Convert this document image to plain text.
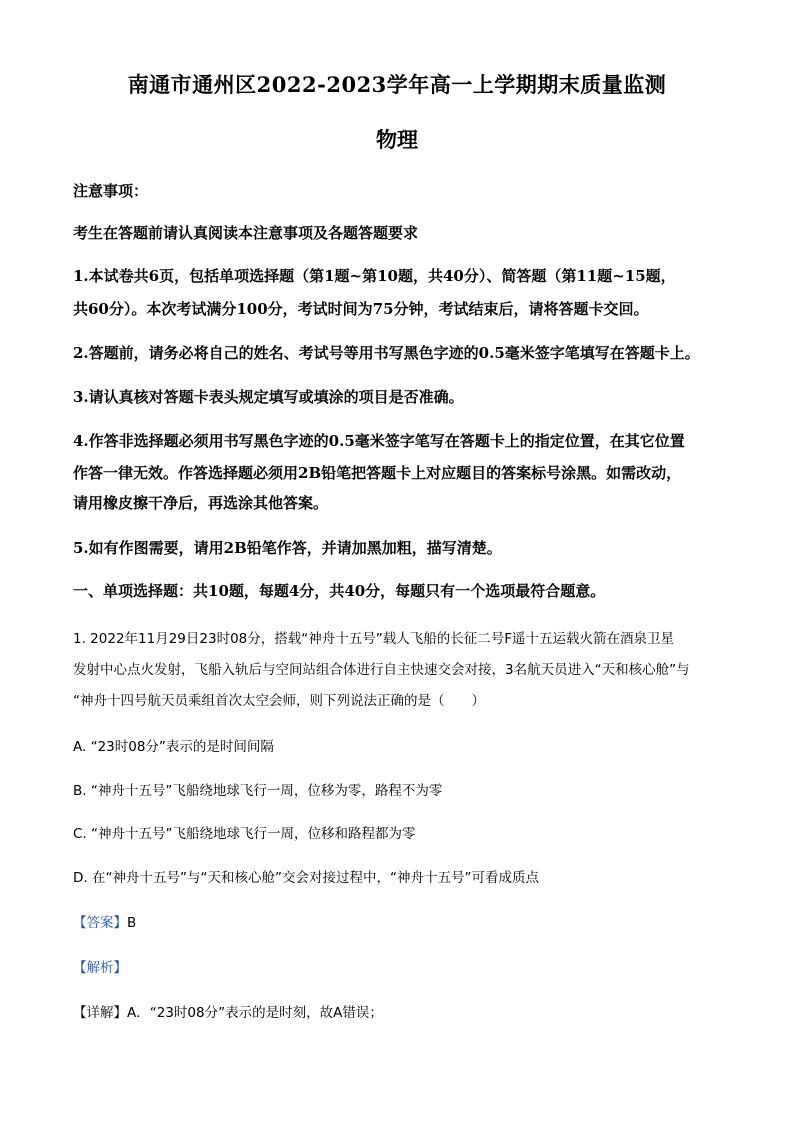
南通市通州区2022-2023学年高一上学期期末质量监测
物理
注意事项：
考生在答题前请认真阅读本注意事项及各题答题要求
1.本试卷共6页，包括单项选择题（第1题~第10题，共40分）、简答题（第11题~15题，
共60分）。本次考试满分100分，考试时间为75分钟，考试结束后，请将答题卡交回。
2.答题前，请务必将自己的姓名、考试号等用书写黑色字迹的0.5毫米签字笔填写在答题卡上。
3.请认真核对答题卡表头规定填写或填涂的项目是否准确。
4.作答非选择题必须用书写黑色字迹的0.5毫米签字笔写在答题卡上的指定位置，在其它位置
作答一律无效。作答选择题必须用2B铅笔把答题卡上对应题目的答案标号涂黑。如需改动，
请用橡皮擦干净后，再选涂其他答案。
5.如有作图需要，请用2B铅笔作答，并请加黑加粗，描写清楚。
一、单项选择题：共10题，每题4分，共40分，每题只有一个选项最符合题意。
1. 2022年11月29日23时08分，搭载“神舟十五号”载人飞船的长征二号F遥十五运载火箭在酒泉卫星
发射中心点火发射，飞船入轨后与空间站组合体进行自主快速交会对接，3名航天员进入“天和核心舱”与
“神舟十四号航天员乘组首次太空会师，则下列说法正确的是（　　）
A. “23时08分”表示的是时间间隔
B. “神舟十五号”飞船绕地球飞行一周，位移为零，路程不为零
C. “神舟十五号”飞船绕地球飞行一周，位移和路程都为零
D. 在“神舟十五号”与“天和核心舱”交会对接过程中，“神舟十五号”可看成质点
【答案】B
【解析】
【详解】A．“23时08分”表示的是时刻，故A错误；
